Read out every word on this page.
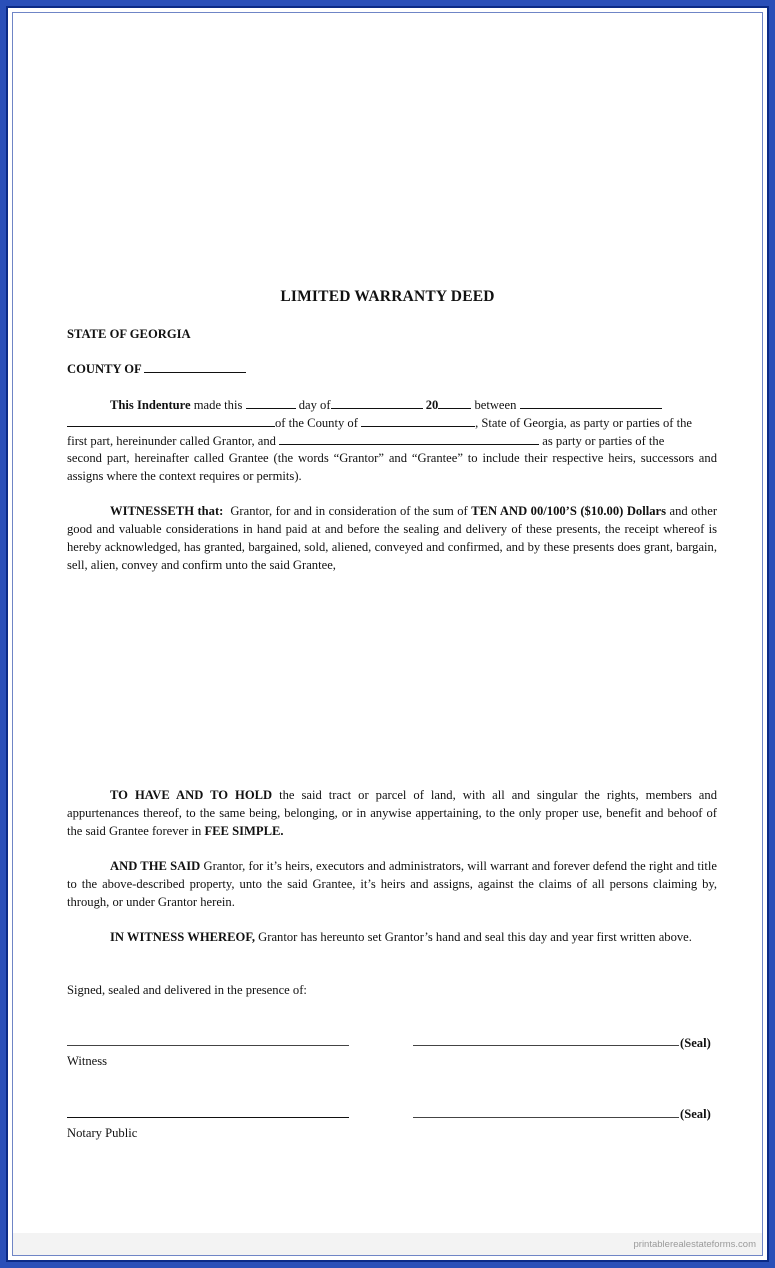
LIMITED WARRANTY DEED
STATE OF GEORGIA
COUNTY OF
This Indenture made this	day of	20	between
of the County of	, State of Georgia, as party or parties of the
first part, hereinunder called Grantor, and	as party or parties of the
second part, hereinafter called Grantee (the words “Grantor” and “Grantee” to include their respective heirs, successors and assigns where the context requires or permits).
WITNESSETH that: Grantor, for and in consideration of the sum of TEN AND 00/100’S ($10.00) Dollars and other good and valuable considerations in hand paid at and before the sealing and delivery of these presents, the receipt whereof is hereby acknowledged, has granted, bargained, sold, aliened, conveyed and confirmed, and by these presents does grant, bargain, sell, alien, convey and confirm unto the said Grantee,
TO HAVE AND TO HOLD the said tract or parcel of land, with all and singular the rights, members and appurtenances thereof, to the same being, belonging, or in anywise appertaining, to the only proper use, benefit and behoof of the said Grantee forever in FEE SIMPLE.
AND THE SAID Grantor, for it’s heirs, executors and administrators, will warrant and forever defend the right and title to the above-described property, unto the said Grantee, it’s heirs and assigns, against the claims of all persons claiming by, through, or under Grantor herein.
IN WITNESS WHEREOF, Grantor has hereunto set Grantor’s hand and seal this day and year first written above.
Signed, sealed and delivered in the presence of:
Witness
(Seal)
Notary Public
(Seal)
printablerealestateforms.com
